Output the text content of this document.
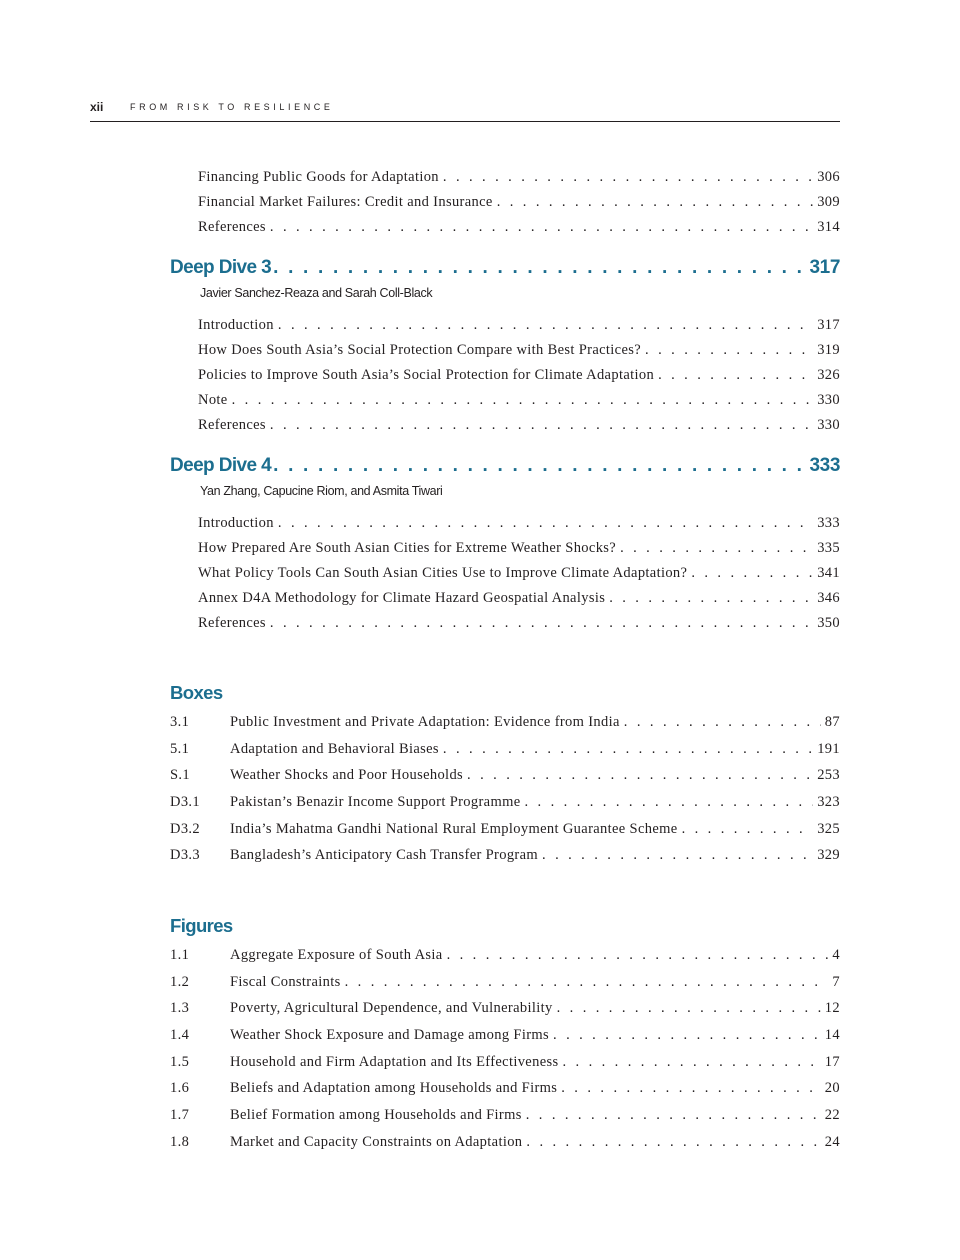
xii	FROM RISK TO RESILIENCE
Financing Public Goods for Adaptation . . .	306
Financial Market Failures: Credit and Insurance . . .	309
References . . .	314
Deep Dive 3 . . .	317
Javier Sanchez-Reaza and Sarah Coll-Black
Introduction . . .	317
How Does South Asia’s Social Protection Compare with Best Practices? . . .	319
Policies to Improve South Asia’s Social Protection for Climate Adaptation . . .	326
Note . . .	330
References . . .	330
Deep Dive 4 . . .	333
Yan Zhang, Capucine Riom, and Asmita Tiwari
Introduction . . .	333
How Prepared Are South Asian Cities for Extreme Weather Shocks? . . .	335
What Policy Tools Can South Asian Cities Use to Improve Climate Adaptation? . . .	341
Annex D4A Methodology for Climate Hazard Geospatial Analysis . . .	346
References . . .	350
Boxes
3.1	Public Investment and Private Adaptation: Evidence from India . . .	87
5.1	Adaptation and Behavioral Biases . . .	191
S.1	Weather Shocks and Poor Households . . .	253
D3.1	Pakistan’s Benazir Income Support Programme . . .	323
D3.2	India’s Mahatma Gandhi National Rural Employment Guarantee Scheme . . .	325
D3.3	Bangladesh’s Anticipatory Cash Transfer Program . . .	329
Figures
1.1	Aggregate Exposure of South Asia . . .	4
1.2	Fiscal Constraints . . .	7
1.3	Poverty, Agricultural Dependence, and Vulnerability . . .	12
1.4	Weather Shock Exposure and Damage among Firms . . .	14
1.5	Household and Firm Adaptation and Its Effectiveness . . .	17
1.6	Beliefs and Adaptation among Households and Firms . . .	20
1.7	Belief Formation among Households and Firms . . .	22
1.8	Market and Capacity Constraints on Adaptation . . .	24
